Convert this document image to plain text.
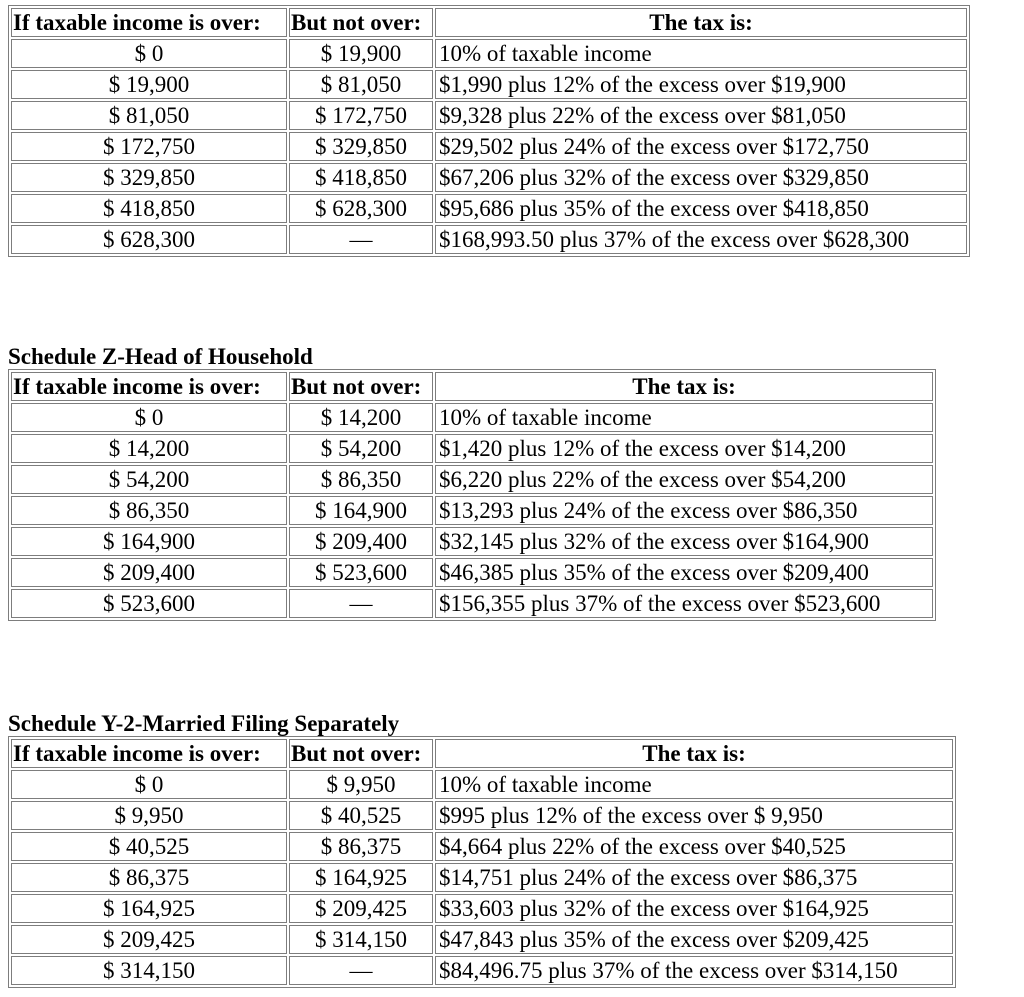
If taxable income is over:	But not over:	The tax is:
$ 0	$ 19,900	10% of taxable income
$ 19,900	$ 81,050	$1,990 plus 12% of the excess over $19,900
$ 81,050	$ 172,750	$9,328 plus 22% of the excess over $81,050
$ 172,750	$ 329,850	$29,502 plus 24% of the excess over $172,750
$ 329,850	$ 418,850	$67,206 plus 32% of the excess over $329,850
$ 418,850	$ 628,300	$95,686 plus 35% of the excess over $418,850
$ 628,300	—	$168,993.50 plus 37% of the excess over $628,300
Schedule Z-Head of Household
If taxable income is over:	But not over:	The tax is:
$ 0	$ 14,200	10% of taxable income
$ 14,200	$ 54,200	$1,420 plus 12% of the excess over $14,200
$ 54,200	$ 86,350	$6,220 plus 22% of the excess over $54,200
$ 86,350	$ 164,900	$13,293 plus 24% of the excess over $86,350
$ 164,900	$ 209,400	$32,145 plus 32% of the excess over $164,900
$ 209,400	$ 523,600	$46,385 plus 35% of the excess over $209,400
$ 523,600	—	$156,355 plus 37% of the excess over $523,600
Schedule Y-2-Married Filing Separately
If taxable income is over:	But not over:	The tax is:
$ 0	$ 9,950	10% of taxable income
$ 9,950	$ 40,525	$995 plus 12% of the excess over $ 9,950
$ 40,525	$ 86,375	$4,664 plus 22% of the excess over $40,525
$ 86,375	$ 164,925	$14,751 plus 24% of the excess over $86,375
$ 164,925	$ 209,425	$33,603 plus 32% of the excess over $164,925
$ 209,425	$ 314,150	$47,843 plus 35% of the excess over $209,425
$ 314,150	—	$84,496.75 plus 37% of the excess over $314,150
